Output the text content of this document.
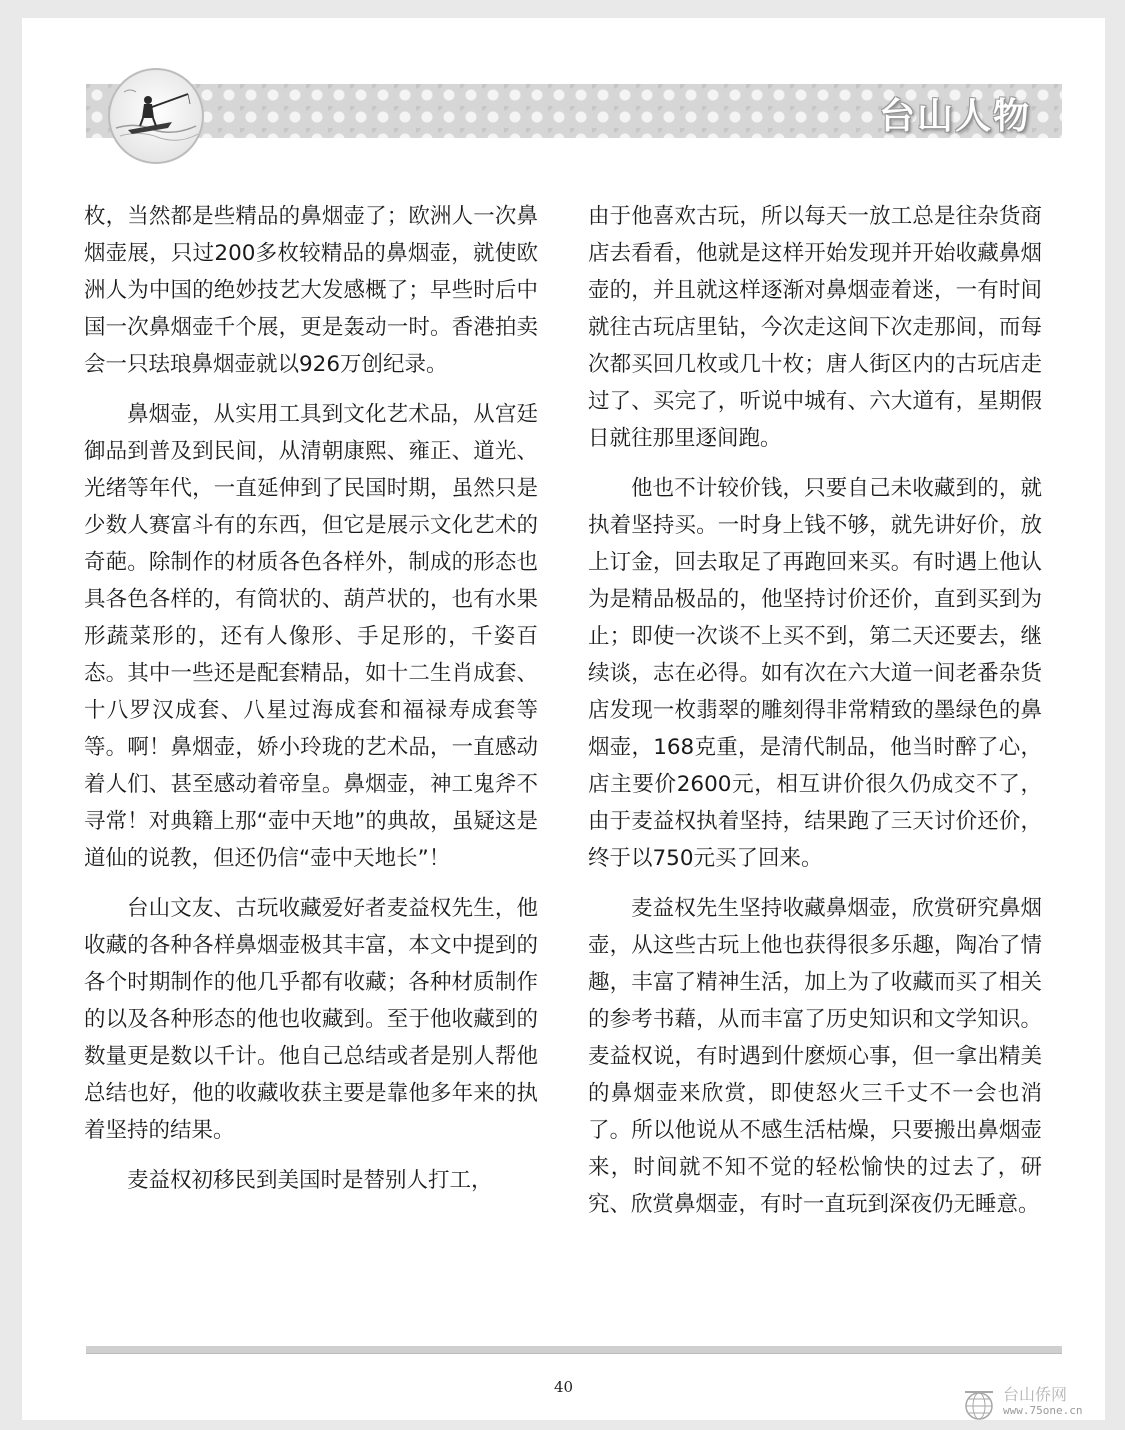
台山人物

枚，当然都是些精品的鼻烟壶了；欧洲人一次鼻烟壶展，只过200多枚较精品的鼻烟壶，就使欧洲人为中国的绝妙技艺大发感概了；早些时后中国一次鼻烟壶千个展，更是轰动一时。香港拍卖会一只珐琅鼻烟壶就以926万创纪录。

鼻烟壶，从实用工具到文化艺术品，从宫廷御品到普及到民间，从清朝康熙、雍正、道光、光绪等年代，一直延伸到了民国时期，虽然只是少数人赛富斗有的东西，但它是展示文化艺术的奇葩。除制作的材质各色各样外，制成的形态也具各色各样的，有筒状的、葫芦状的，也有水果形蔬菜形的，还有人像形、手足形的，千姿百态。其中一些还是配套精品，如十二生肖成套、十八罗汉成套、八星过海成套和福禄寿成套等等。啊！鼻烟壶，娇小玲珑的艺术品，一直感动着人们、甚至感动着帝皇。鼻烟壶，神工鬼斧不寻常！对典籍上那“壶中天地”的典故，虽疑这是道仙的说教，但还仍信“壶中天地长”！

台山文友、古玩收藏爱好者麦益权先生，他收藏的各种各样鼻烟壶极其丰富，本文中提到的各个时期制作的他几乎都有收藏；各种材质制作的以及各种形态的他也收藏到。至于他收藏到的数量更是数以千计。他自己总结或者是别人帮他总结也好，他的收藏收获主要是靠他多年来的执着坚持的结果。

麦益权初移民到美国时是替别人打工，

由于他喜欢古玩，所以每天一放工总是往杂货商店去看看，他就是这样开始发现并开始收藏鼻烟壶的，并且就这样逐渐对鼻烟壶着迷，一有时间就往古玩店里钻，今次走这间下次走那间，而每次都买回几枚或几十枚；唐人街区内的古玩店走过了、买完了，听说中城有、六大道有，星期假日就往那里逐间跑。

他也不计较价钱，只要自己未收藏到的，就执着坚持买。一时身上钱不够，就先讲好价，放上订金，回去取足了再跑回来买。有时遇上他认为是精品极品的，他坚持讨价还价，直到买到为止；即使一次谈不上买不到，第二天还要去，继续谈，志在必得。如有次在六大道一间老番杂货店发现一枚翡翠的雕刻得非常精致的墨绿色的鼻烟壶，168克重，是清代制品，他当时醉了心，店主要价2600元，相互讲价很久仍成交不了，由于麦益权执着坚持，结果跑了三天讨价还价，终于以750元买了回来。

麦益权先生坚持收藏鼻烟壶，欣赏研究鼻烟壶，从这些古玩上他也获得很多乐趣，陶冶了情趣，丰富了精神生活，加上为了收藏而买了相关的参考书藉，从而丰富了历史知识和文学知识。麦益权说，有时遇到什麽烦心事，但一拿出精美的鼻烟壶来欣赏，即使怒火三千丈不一会也消了。所以他说从不感生活枯燥，只要搬出鼻烟壶来，时间就不知不觉的轻松愉快的过去了，研究、欣赏鼻烟壶，有时一直玩到深夜仍无睡意。

40	台山侨网
www.75one.cn
